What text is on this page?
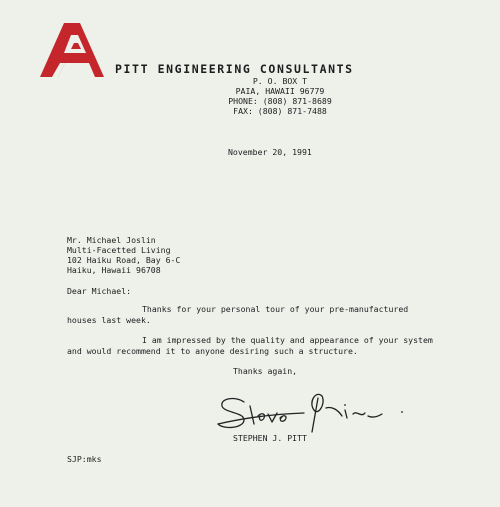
PITT ENGINEERING CONSULTANTS
P. O. BOX T
PAIA, HAWAII 96779
PHONE: (808) 871-8689
FAX: (808) 871-7488
November 20, 1991
Mr. Michael Joslin
Multi-Facetted Living
102 Haiku Road, Bay 6-C
Haiku, Hawaii 96708
Dear Michael:
Thanks for your personal tour of your pre-manufactured
houses last week.
I am impressed by the quality and appearance of your system
and would recommend it to anyone desiring such a structure.
Thanks again,
STEPHEN J. PITT
SJP:mks
